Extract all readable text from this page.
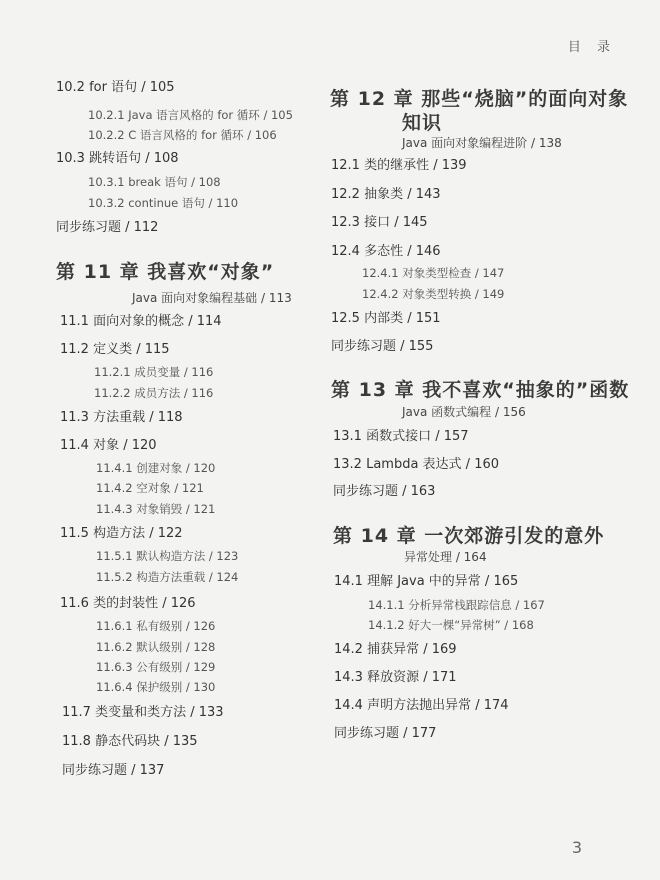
目 录
10.2 for 语句 / 105
10.2.1 Java 语言风格的 for 循环 / 105
10.2.2 C 语言风格的 for 循环 / 106
10.3 跳转语句 / 108
10.3.1 break 语句 / 108
10.3.2 continue 语句 / 110
同步练习题 / 112
第 11 章 我喜欢“对象”
Java 面向对象编程基础 / 113
11.1 面向对象的概念 / 114
11.2 定义类 / 115
11.2.1 成员变量 / 116
11.2.2 成员方法 / 116
11.3 方法重载 / 118
11.4 对象 / 120
11.4.1 创建对象 / 120
11.4.2 空对象 / 121
11.4.3 对象销毁 / 121
11.5 构造方法 / 122
11.5.1 默认构造方法 / 123
11.5.2 构造方法重载 / 124
11.6 类的封装性 / 126
11.6.1 私有级别 / 126
11.6.2 默认级别 / 128
11.6.3 公有级别 / 129
11.6.4 保护级别 / 130
11.7 类变量和类方法 / 133
11.8 静态代码块 / 135
同步练习题 / 137
第 12 章 那些“烧脑”的面向对象
知识
Java 面向对象编程进阶 / 138
12.1 类的继承性 / 139
12.2 抽象类 / 143
12.3 接口 / 145
12.4 多态性 / 146
12.4.1 对象类型检查 / 147
12.4.2 对象类型转换 / 149
12.5 内部类 / 151
同步练习题 / 155
第 13 章 我不喜欢“抽象的”函数
Java 函数式编程 / 156
13.1 函数式接口 / 157
13.2 Lambda 表达式 / 160
同步练习题 / 163
第 14 章 一次郊游引发的意外
异常处理 / 164
14.1 理解 Java 中的异常 / 165
14.1.1 分析异常栈跟踪信息 / 167
14.1.2 好大一棵“异常树” / 168
14.2 捕获异常 / 169
14.3 释放资源 / 171
14.4 声明方法抛出异常 / 174
同步练习题 / 177
3
